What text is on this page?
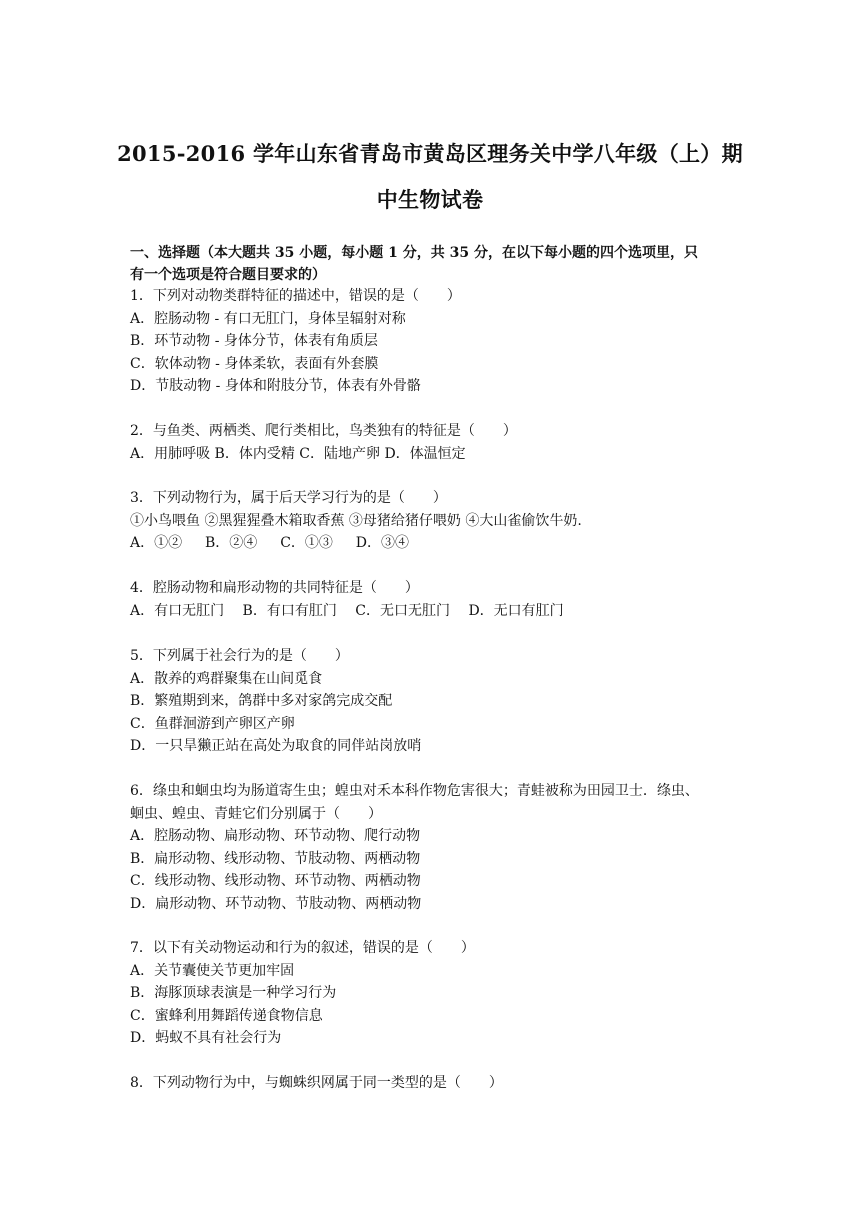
2015-2016 学年山东省青岛市黄岛区理务关中学八年级（上）期
中生物试卷
一、选择题（本大题共 35 小题，每小题 1 分，共 35 分，在以下每小题的四个选项里，只
有一个选项是符合题目要求的）
1．下列对动物类群特征的描述中，错误的是（　　）
A．腔肠动物 - 有口无肛门，身体呈辐射对称
B．环节动物 - 身体分节，体表有角质层
C．软体动物 - 身体柔软，表面有外套膜
D．节肢动物 - 身体和附肢分节，体表有外骨骼
2．与鱼类、两栖类、爬行类相比，鸟类独有的特征是（　　）
A．用肺呼吸 B．体内受精 C．陆地产卵 D．体温恒定
3．下列动物行为，属于后天学习行为的是（　　）
①小鸟喂鱼 ②黑猩猩叠木箱取香蕉 ③母猪给猪仔喂奶 ④大山雀偷饮牛奶.
A．①②　  B．②④　  C．①③　  D．③④
4．腔肠动物和扁形动物的共同特征是（　　）
A．有口无肛门　 B．有口有肛门　 C．无口无肛门　 D．无口有肛门
5．下列属于社会行为的是（　　）
A．散养的鸡群聚集在山间觅食
B．繁殖期到来，鸽群中多对家鸽完成交配
C．鱼群洄游到产卵区产卵
D．一只旱獭正站在高处为取食的同伴站岗放哨
6．绦虫和蛔虫均为肠道寄生虫；蝗虫对禾本科作物危害很大；青蛙被称为田园卫士．绦虫、
蛔虫、蝗虫、青蛙它们分别属于（　　）
A．腔肠动物、扁形动物、环节动物、爬行动物
B．扁形动物、线形动物、节肢动物、两栖动物
C．线形动物、线形动物、环节动物、两栖动物
D．扁形动物、环节动物、节肢动物、两栖动物
7．以下有关动物运动和行为的叙述，错误的是（　　）
A．关节囊使关节更加牢固
B．海豚顶球表演是一种学习行为
C．蜜蜂利用舞蹈传递食物信息
D．蚂蚁不具有社会行为
8．下列动物行为中，与蜘蛛织网属于同一类型的是（　　）
